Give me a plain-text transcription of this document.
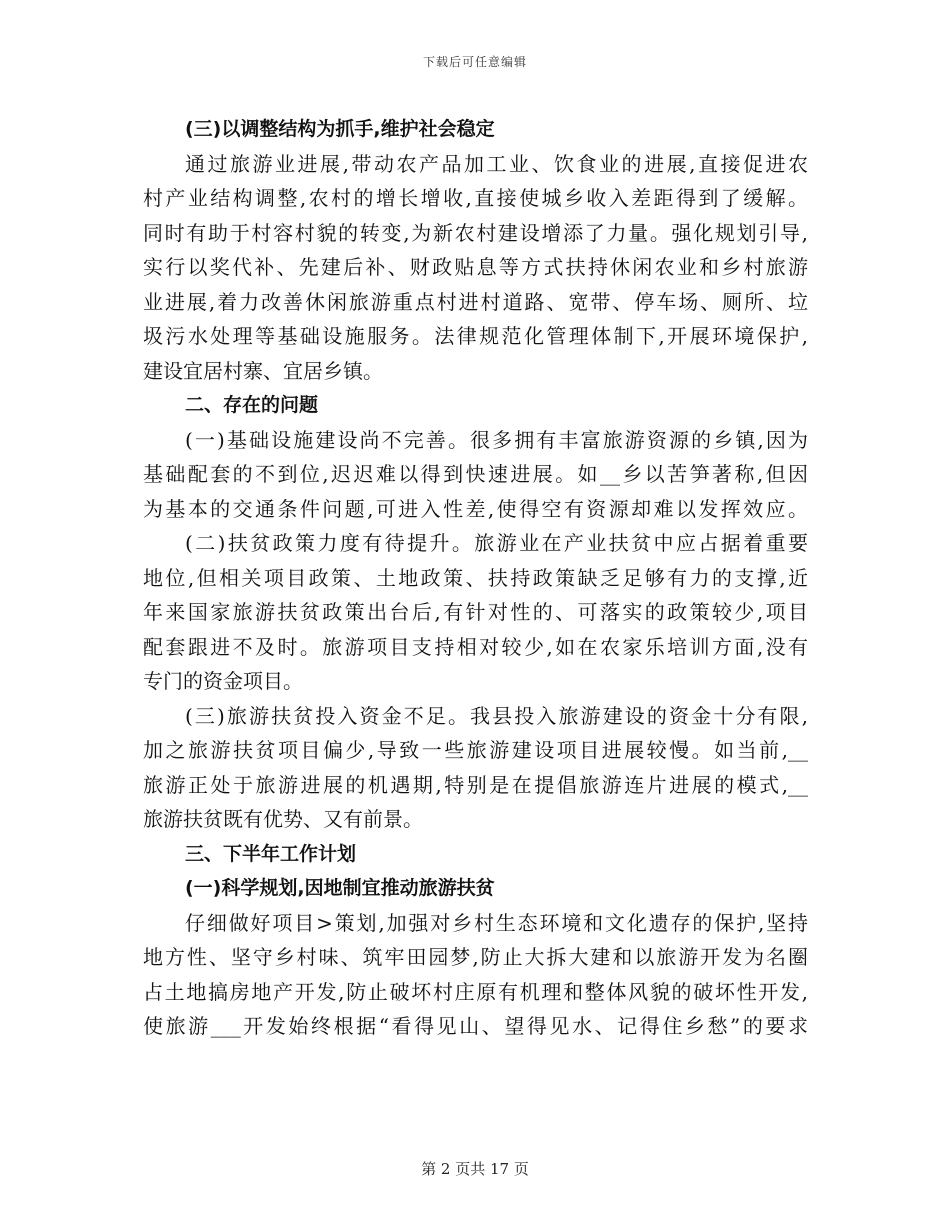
下载后可任意编辑
(三)以调整结构为抓手,维护社会稳定
通过旅游业进展,带动农产品加工业、饮食业的进展,直接促进农
村产业结构调整,农村的增长增收,直接使城乡收入差距得到了缓解。
同时有助于村容村貌的转变,为新农村建设增添了力量。强化规划引导,
实行以奖代补、先建后补、财政贴息等方式扶持休闲农业和乡村旅游
业进展,着力改善休闲旅游重点村进村道路、宽带、停车场、厕所、垃
圾污水处理等基础设施服务。法律规范化管理体制下,开展环境保护,
建设宜居村寨、宜居乡镇。
二、存在的问题
(一)基础设施建设尚不完善。很多拥有丰富旅游资源的乡镇,因为
基础配套的不到位,迟迟难以得到快速进展。如__乡以苦笋著称,但因
为基本的交通条件问题,可进入性差,使得空有资源却难以发挥效应。
(二)扶贫政策力度有待提升。旅游业在产业扶贫中应占据着重要
地位,但相关项目政策、土地政策、扶持政策缺乏足够有力的支撑,近
年来国家旅游扶贫政策出台后,有针对性的、可落实的政策较少,项目
配套跟进不及时。旅游项目支持相对较少,如在农家乐培训方面,没有
专门的资金项目。
(三)旅游扶贫投入资金不足。我县投入旅游建设的资金十分有限,
加之旅游扶贫项目偏少,导致一些旅游建设项目进展较慢。如当前,__
旅游正处于旅游进展的机遇期,特别是在提倡旅游连片进展的模式,__
旅游扶贫既有优势、又有前景。
三、下半年工作计划
(一)科学规划,因地制宜推动旅游扶贫
仔细做好项目>策划,加强对乡村生态环境和文化遗存的保护,坚持
地方性、坚守乡村味、筑牢田园梦,防止大拆大建和以旅游开发为名圈
占土地搞房地产开发,防止破坏村庄原有机理和整体风貌的破坏性开发,
使旅游___开发始终根据“看得见山、望得见水、记得住乡愁”的要求
第 2 页共 17 页
